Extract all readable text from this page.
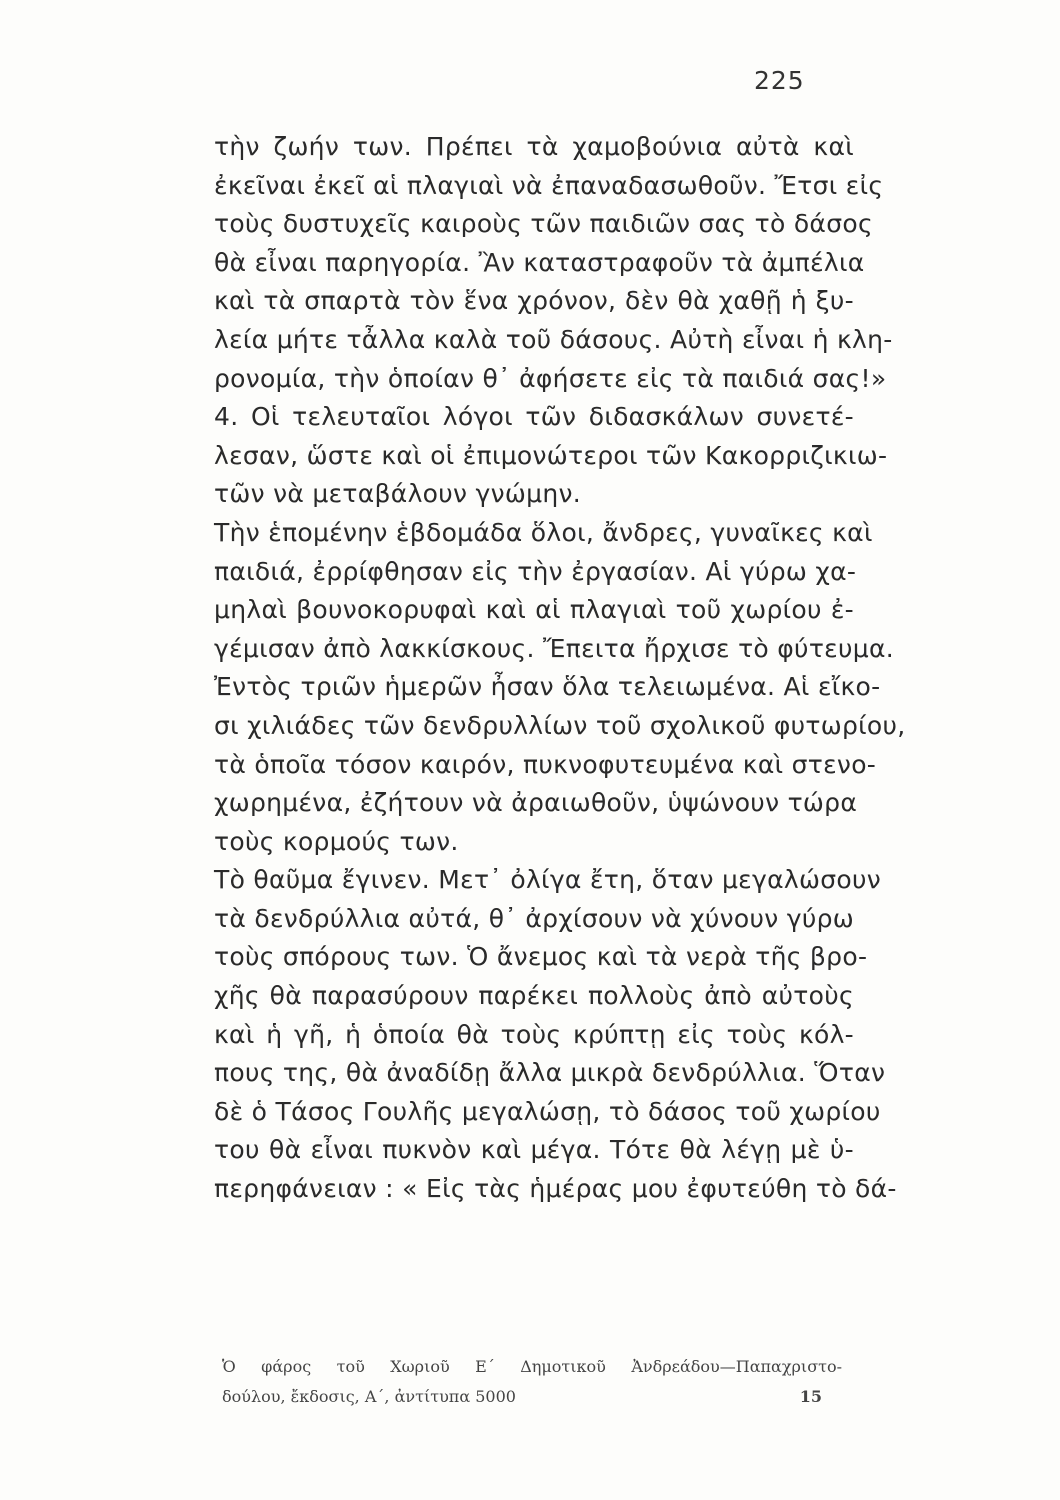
225
τὴν ζωήν των. Πρέπει τὰ χαμοβούνια αὐτὰ καὶ
ἐκεῖναι ἐκεῖ αἱ πλαγιαὶ νὰ ἐπαναδασωθοῦν. Ἔτσι εἰς
τοὺς δυστυχεῖς καιροὺς τῶν παιδιῶν σας τὸ δάσος
θὰ εἶναι παρηγορία. Ἂν καταστραφοῦν τὰ ἀμπέλια
καὶ τὰ σπαρτὰ τὸν ἕνα χρόνον, δὲν θὰ χαθῇ ἡ ξυ-
λεία μήτε τἆλλα καλὰ τοῦ δάσους. Αὐτὴ εἶναι ἡ κλη-
ρονομία, τὴν ὁποίαν θ᾽ ἀφήσετε εἰς τὰ παιδιά σας!»
4. Οἱ τελευταῖοι λόγοι τῶν διδασκάλων συνετέ-
λεσαν, ὥστε καὶ οἱ ἐπιμονώτεροι τῶν Κακορριζικιω-
τῶν νὰ μεταβάλουν γνώμην.
Τὴν ἑπομένην ἑβδομάδα ὅλοι, ἄνδρες, γυναῖκες καὶ
παιδιά, ἐρρίφθησαν εἰς τὴν ἐργασίαν. Αἱ γύρω χα-
μηλαὶ βουνοκορυφαὶ καὶ αἱ πλαγιαὶ τοῦ χωρίου ἐ-
γέμισαν ἀπὸ λακκίσκους. Ἔπειτα ἤρχισε τὸ φύτευμα.
Ἐντὸς τριῶν ἡμερῶν ἦσαν ὅλα τελειωμένα. Αἱ εἴκο-
σι χιλιάδες τῶν δενδρυλλίων τοῦ σχολικοῦ φυτωρίου,
τὰ ὁποῖα τόσον καιρόν, πυκνοφυτευμένα καὶ στενο-
χωρημένα, ἐζήτουν νὰ ἀραιωθοῦν, ὑψώνουν τώρα
τοὺς κορμούς των.
Τὸ θαῦμα ἔγινεν. Μετ᾽ ὀλίγα ἔτη, ὅταν μεγαλώσουν
τὰ δενδρύλλια αὐτά, θ᾽ ἀρχίσουν νὰ χύνουν γύρω
τοὺς σπόρους των. Ὁ ἄνεμος καὶ τὰ νερὰ τῆς βρο-
χῆς θὰ παρασύρουν παρέκει πολλοὺς ἀπὸ αὐτοὺς
καὶ ἡ γῆ, ἡ ὁποία θὰ τοὺς κρύπτῃ εἰς τοὺς κόλ-
πους της, θὰ ἀναδίδῃ ἄλλα μικρὰ δενδρύλλια. Ὅταν
δὲ ὁ Τάσος Γουλῆς μεγαλώσῃ, τὸ δάσος τοῦ χωρίου
του θὰ εἶναι πυκνὸν καὶ μέγα. Τότε θὰ λέγῃ μὲ ὑ-
περηφάνειαν : « Εἰς τὰς ἡμέρας μου ἐφυτεύθη τὸ δά-
Ὁ φάρος τοῦ Χωριοῦ Ε΄ Δημοτικοῦ Ἀνδρεάδου—Παπαχριστο-
δούλου, ἔκδοσις, Α΄, ἀντίτυπα 5000	15
